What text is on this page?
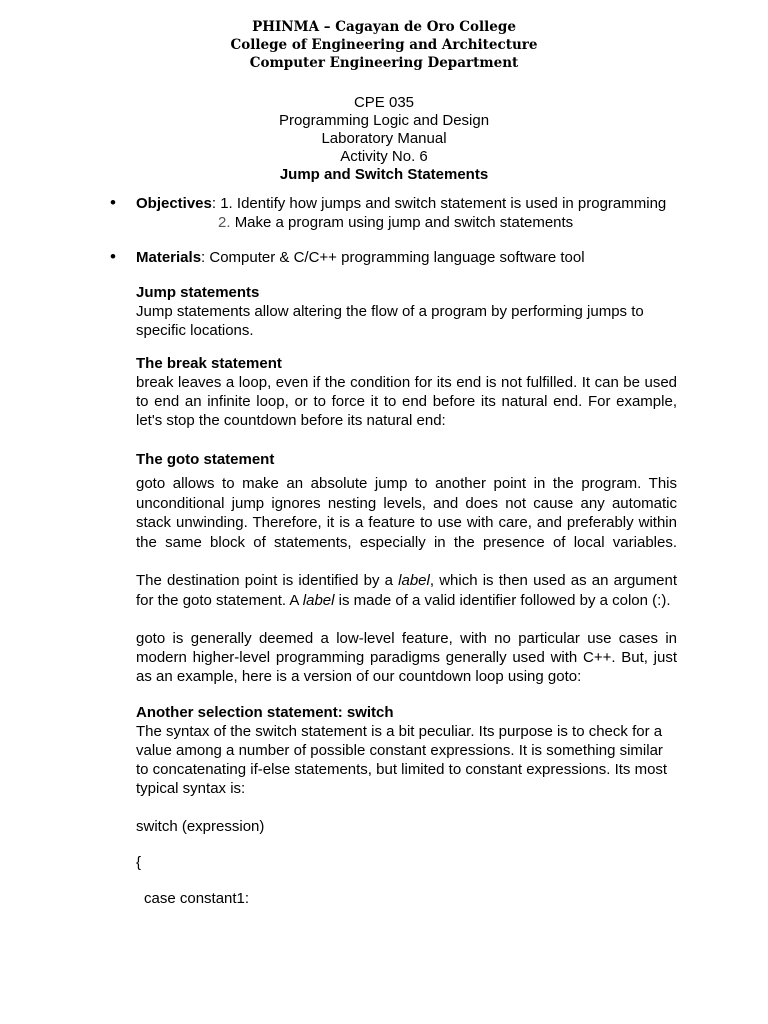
PHINMA – Cagayan de Oro College
College of Engineering and Architecture
Computer Engineering Department
CPE 035
Programming Logic and Design
Laboratory Manual
Activity No. 6
Jump and Switch Statements
• Objectives: 1. Identify how jumps and switch statement is used in programming
2. Make a program using jump and switch statements
• Materials: Computer & C/C++ programming language software tool
Jump statements
Jump statements allow altering the flow of a program by performing jumps to
specific locations.
The break statement
break leaves a loop, even if the condition for its end is not fulfilled. It can be used
to end an infinite loop, or to force it to end before its natural end. For example,
let's stop the countdown before its natural end:
The goto statement
goto allows to make an absolute jump to another point in the program. This
unconditional jump ignores nesting levels, and does not cause any automatic
stack unwinding. Therefore, it is a feature to use with care, and preferably within
the same block of statements, especially in the presence of local variables.
The destination point is identified by a label, which is then used as an argument
for the goto statement. A label is made of a valid identifier followed by a colon (:).
goto is generally deemed a low-level feature, with no particular use cases in
modern higher-level programming paradigms generally used with C++. But, just
as an example, here is a version of our countdown loop using goto:
Another selection statement: switch
The syntax of the switch statement is a bit peculiar. Its purpose is to check for a
value among a number of possible constant expressions. It is something similar
to concatenating if-else statements, but limited to constant expressions. Its most
typical syntax is:
switch (expression)
{
case constant1:
